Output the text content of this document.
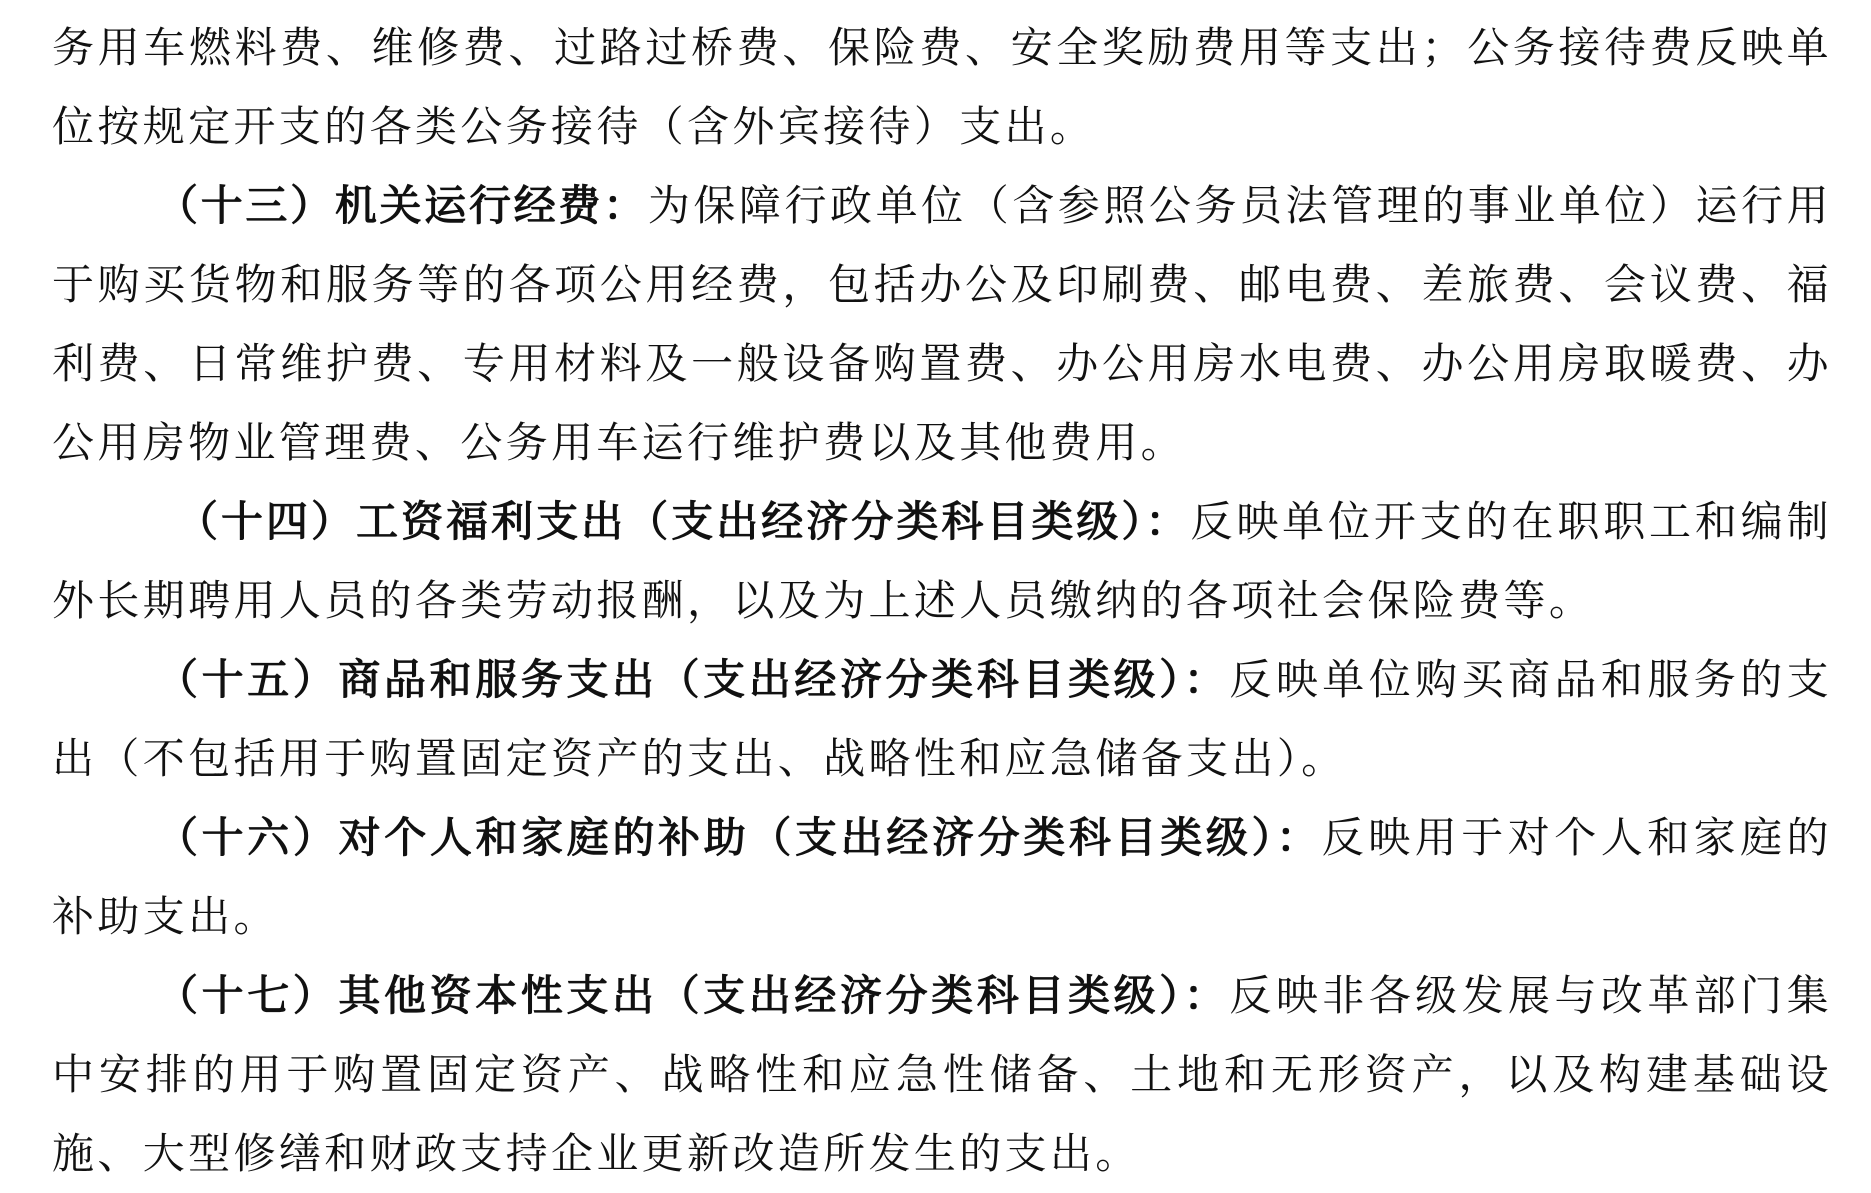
务用车燃料费、维修费、过路过桥费、保险费、安全奖励费用等支出；公务接待费反映单位按规定开支的各类公务接待（含外宾接待）支出。

（十三）机关运行经费：为保障行政单位（含参照公务员法管理的事业单位）运行用于购买货物和服务等的各项公用经费，包括办公及印刷费、邮电费、差旅费、会议费、福利费、日常维护费、专用材料及一般设备购置费、办公用房水电费、办公用房取暖费、办公用房物业管理费、公务用车运行维护费以及其他费用。

（十四）工资福利支出（支出经济分类科目类级）：反映单位开支的在职职工和编制外长期聘用人员的各类劳动报酬，以及为上述人员缴纳的各项社会保险费等。

（十五）商品和服务支出（支出经济分类科目类级）：反映单位购买商品和服务的支出（不包括用于购置固定资产的支出、战略性和应急储备支出）。

（十六）对个人和家庭的补助（支出经济分类科目类级）：反映用于对个人和家庭的补助支出。

（十七）其他资本性支出（支出经济分类科目类级）：反映非各级发展与改革部门集中安排的用于购置固定资产、战略性和应急性储备、土地和无形资产，以及构建基础设施、大型修缮和财政支持企业更新改造所发生的支出。
